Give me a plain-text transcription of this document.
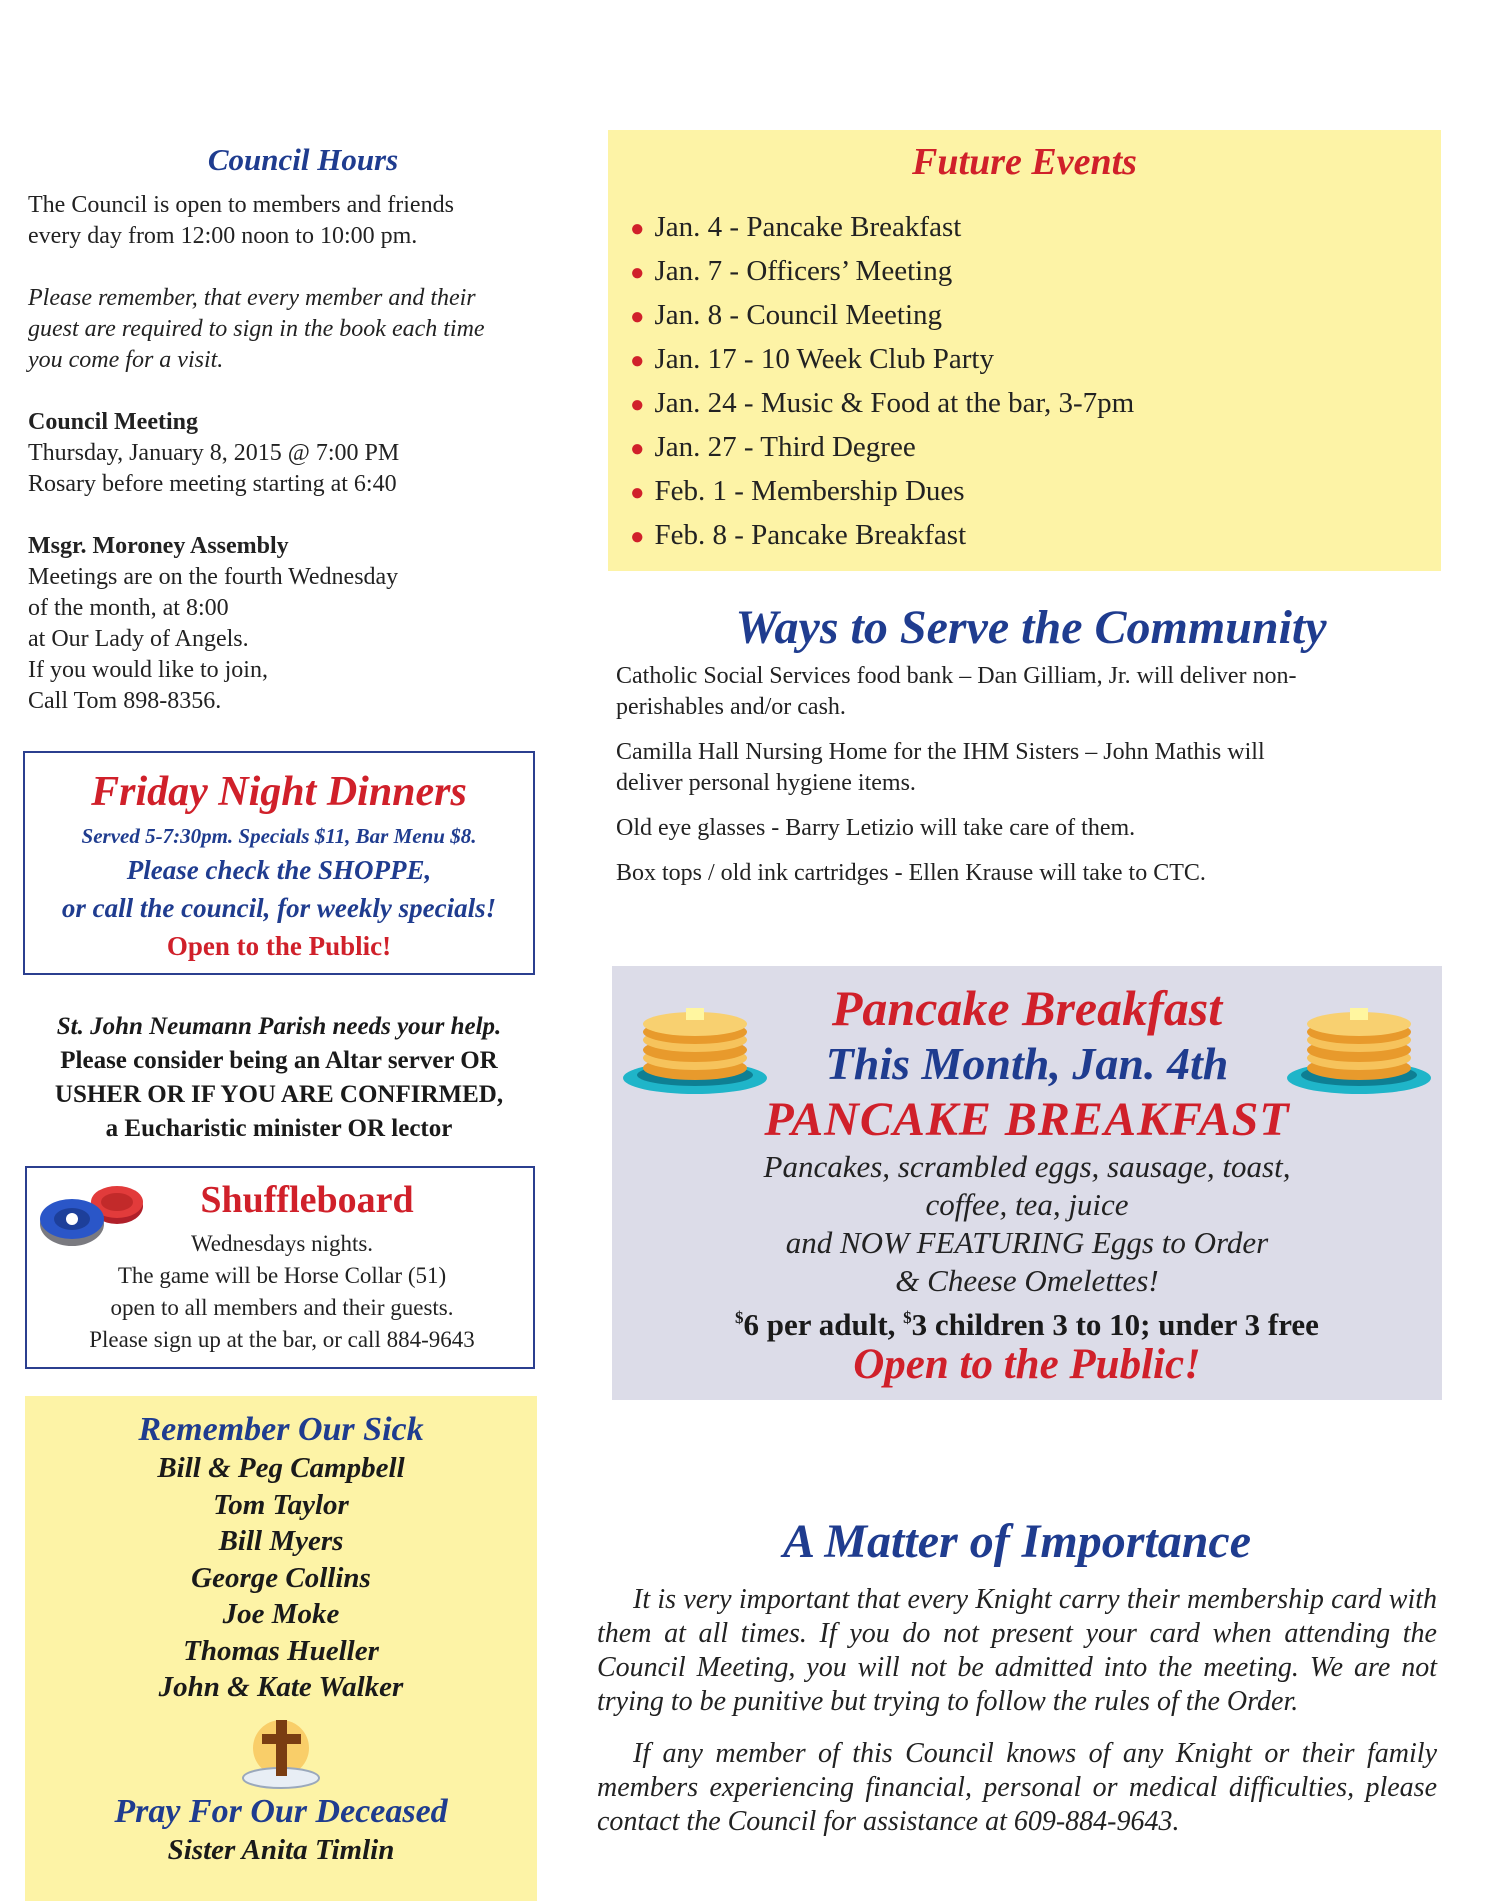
Council Hours

The Council is open to members and friends

every day from 12:00 noon to 10:00 pm.

Please remember, that every member and their

guest are required to sign in the book each time

you come for a visit.

Council Meeting

Thursday, January 8, 2015 @ 7:00 PM

Rosary before meeting starting at 6:40

Msgr. Moroney Assembly

Meetings are on the fourth Wednesday

of the month, at 8:00

at Our Lady of Angels.

If you would like to join,

Call Tom 898-8356.

Friday Night Dinners
Served 5-7:30pm. Specials $11, Bar Menu $8.
Please check the SHOPPE,
or call the council, for weekly specials!
Open to the Public!
St. John Neumann Parish needs your help.
Please consider being an Altar server OR
USHER OR IF YOU ARE CONFIRMED,
a Eucharistic minister OR lector
Shuffleboard
Wednesdays nights.
The game will be Horse Collar (51)
open to all members and their guests.
Please sign up at the bar, or call 884-9643
Remember Our Sick
Bill & Peg Campbell
Tom Taylor
Bill Myers
George Collins
Joe Moke
Thomas Hueller
John & Kate Walker
Pray For Our Deceased
Sister Anita Timlin
Future Events
● Jan. 4 - Pancake Breakfast
● Jan. 7 - Officers’ Meeting
● Jan. 8 - Council Meeting
● Jan. 17 - 10 Week Club Party
● Jan. 24 - Music & Food at the bar, 3-7pm
● Jan. 27 - Third Degree
● Feb. 1 - Membership Dues
● Feb. 8 - Pancake Breakfast
Ways to Serve the Community

Catholic Social Services food bank – Dan Gilliam, Jr. will deliver non-
perishables and/or cash.

Camilla Hall Nursing Home for the IHM Sisters – John Mathis will
deliver personal hygiene items.

Old eye glasses - Barry Letizio will take care of them.

Box tops / old ink cartridges - Ellen Krause will take to CTC.

Pancake Breakfast
This Month, Jan. 4th
PANCAKE BREAKFAST
Pancakes, scrambled eggs, sausage, toast,
coffee, tea, juice
and NOW FEATURING Eggs to Order
& Cheese Omelettes!
$6 per adult, $3 children 3 to 10; under 3 free
Open to the Public!
A Matter of Importance

It is very important that every Knight carry their membership card with them at all times. If you do not present your card when attending the Council Meeting, you will not be admitted into the meeting. We are not trying to be punitive but trying to follow the rules of the Order.

If any member of this Council knows of any Knight or their family members experiencing financial, personal or medical difficulties, please contact the Council for assistance at 609-884-9643.
